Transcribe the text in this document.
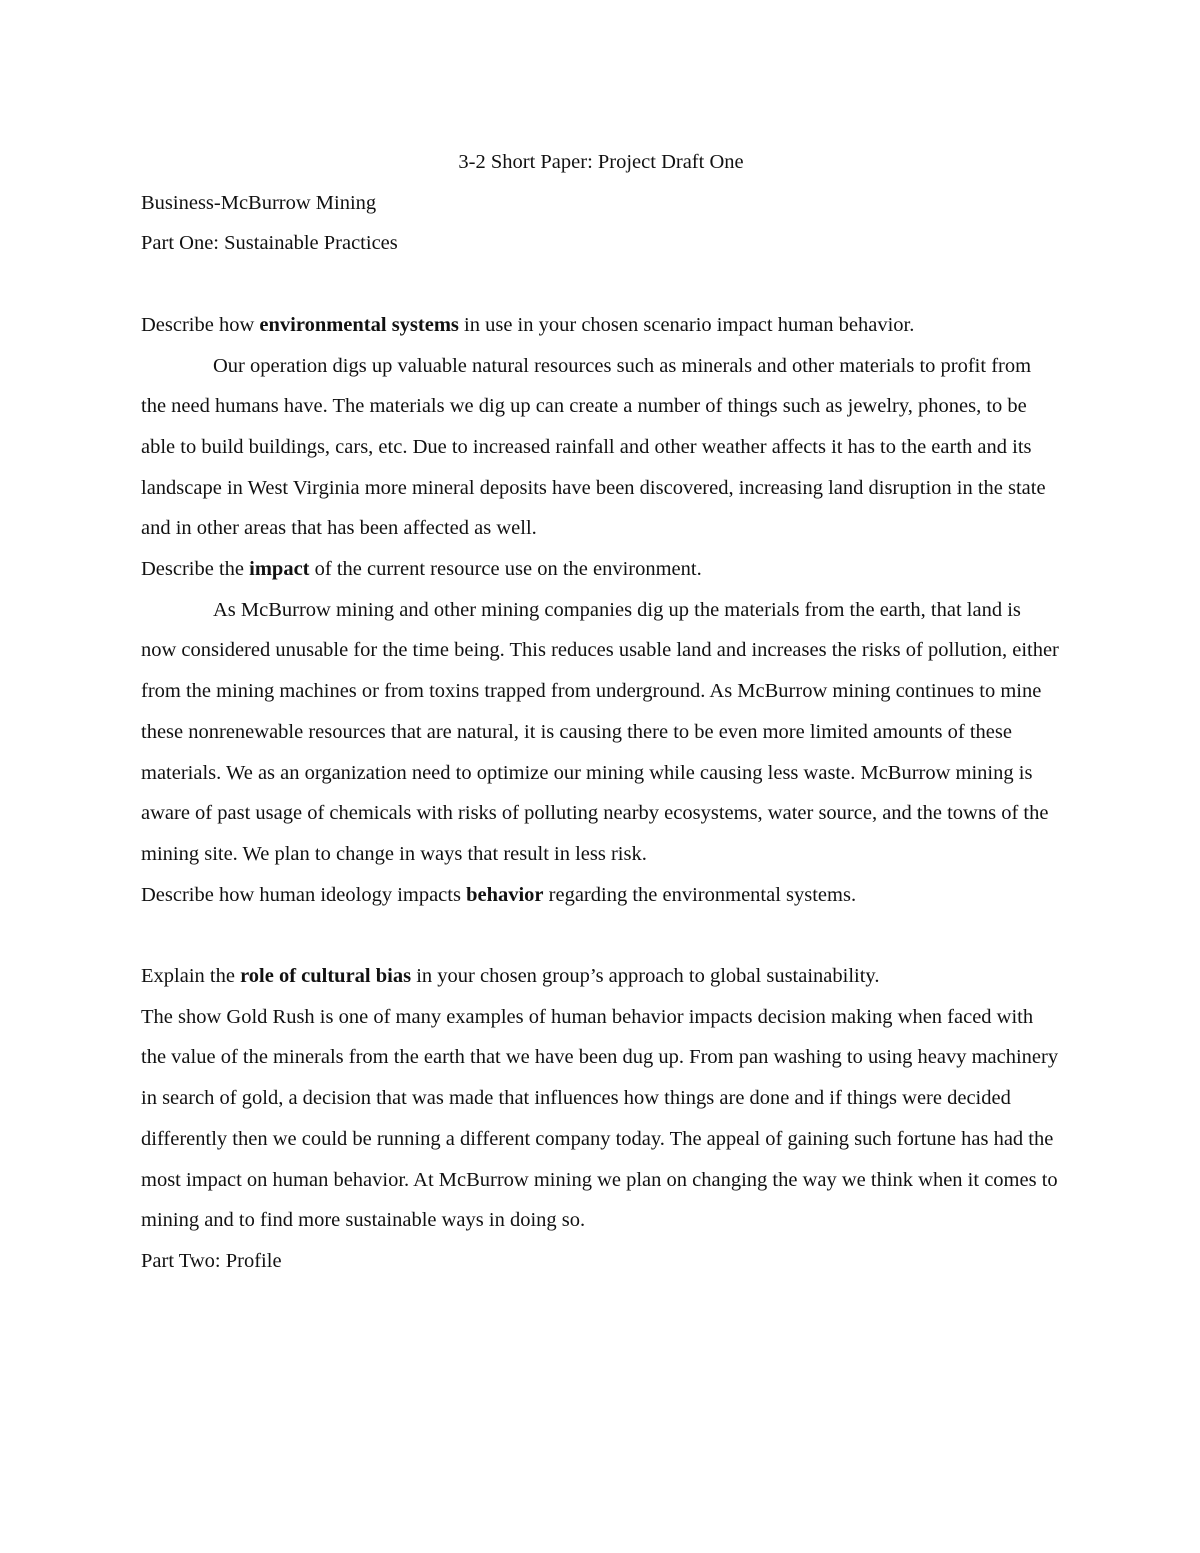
3-2 Short Paper: Project Draft One
Business-McBurrow Mining
Part One: Sustainable Practices
Describe how environmental systems in use in your chosen scenario impact human behavior.

Our operation digs up valuable natural resources such as minerals and other materials to profit from the need humans have. The materials we dig up can create a number of things such as jewelry, phones, to be able to build buildings, cars, etc. Due to increased rainfall and other weather affects it has to the earth and its landscape in West Virginia more mineral deposits have been discovered, increasing land disruption in the state and in other areas that has been affected as well.

Describe the impact of the current resource use on the environment.

As McBurrow mining and other mining companies dig up the materials from the earth, that land is now considered unusable for the time being. This reduces usable land and increases the risks of pollution, either from the mining machines or from toxins trapped from underground. As McBurrow mining continues to mine these nonrenewable resources that are natural, it is causing there to be even more limited amounts of these materials. We as an organization need to optimize our mining while causing less waste. McBurrow mining is aware of past usage of chemicals with risks of polluting nearby ecosystems, water source, and the towns of the mining site. We plan to change in ways that result in less risk.

Describe how human ideology impacts behavior regarding the environmental systems.
Explain the role of cultural bias in your chosen group’s approach to global sustainability.

The show Gold Rush is one of many examples of human behavior impacts decision making when faced with the value of the minerals from the earth that we have been dug up. From pan washing to using heavy machinery in search of gold, a decision that was made that influences how things are done and if things were decided differently then we could be running a different company today. The appeal of gaining such fortune has had the most impact on human behavior. At McBurrow mining we plan on changing the way we think when it comes to mining and to find more sustainable ways in doing so.

Part Two: Profile
